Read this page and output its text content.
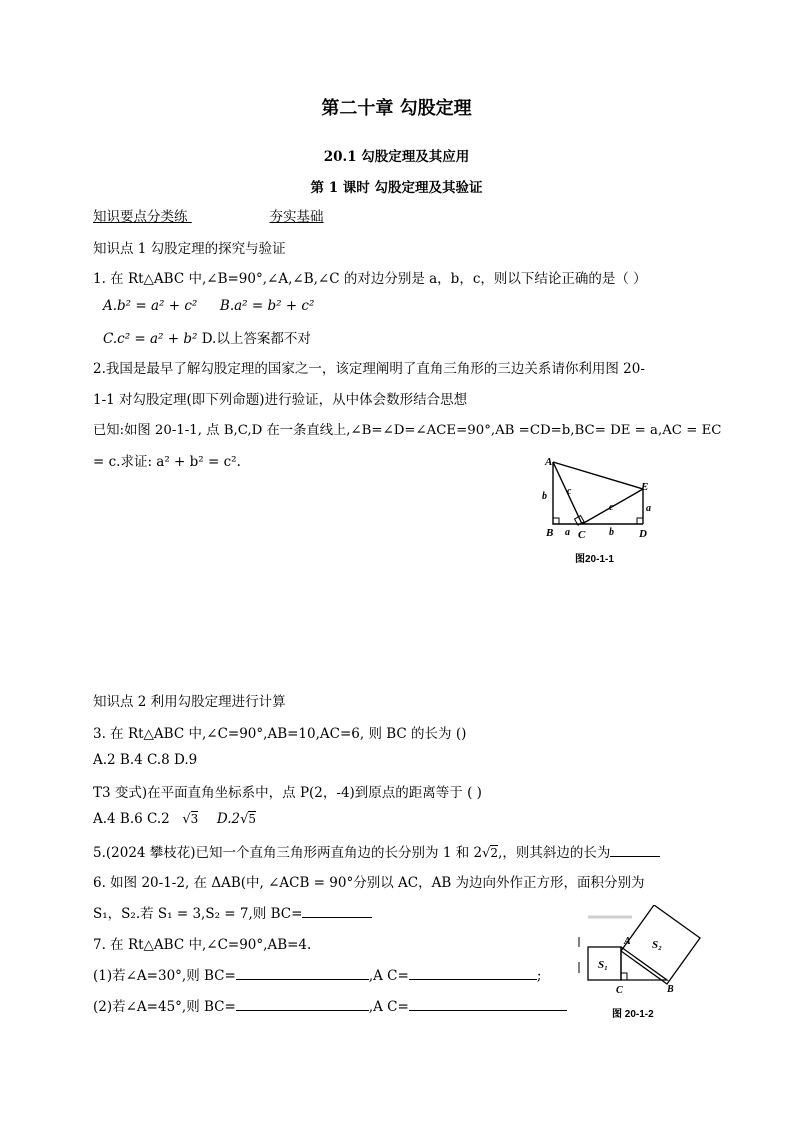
第二十章 勾股定理
20.1 勾股定理及其应用
第 1 课时 勾股定理及其验证
知识要点分类练	夯实基础
知识点 1 勾股定理的探究与验证
1. 在 Rt△ABC 中,∠B=90°,∠A,∠B,∠C 的对边分别是 a，b，c，则以下结论正确的是（ ）
A.b² = a² + c² B.a² = b² + c²
C.c² = a² + b² D.以上答案都不对
2.我国是最早了解勾股定理的国家之一，该定理阐明了直角三角形的三边关系请你利用图 20-
1-1 对勾股定理(即下列命题)进行验证，从中体会数形结合思想
已知:如图 20-1-1, 点 B,C,D 在一条直线上,∠B=∠D=∠ACE=90°,AB =CD=b,BC= DE = a,AC = EC
= c.求证: a² + b² = c².	A
B C	D
E
b c
c
a	b
a
图20-1-1
知识点 2 利用勾股定理进行计算
3. 在 Rt△ABC 中,∠C=90°,AB=10,AC=6, 则 BC 的长为 ()
A.2 B.4 C.8 D.9
T3 变式)在平面直角坐标系中，点 P(2，-4)到原点的距离等于 ( )
A.4 B.6 C.2 √3 D.2√5
5.(2024 攀枝花)已知一个直角三角形两直角边的长分别为 1 和 2√2,，则其斜边的长为
6. 如图 20-1-2, 在 ΔAB(中, ∠ACB = 90°分别以 AC，AB 为边向外作正方形，面积分别为
S₁，S₂.若 S₁ = 3,S₂ = 7,则 BC=
7. 在 Rt△ABC 中,∠C=90°,AB=4.
(1)若∠A=30°,则 BC=	,A C=	;
(2)若∠A=45°,则 BC=	,A C=
A
C	B
S₁
S₂
图 20-1-2
